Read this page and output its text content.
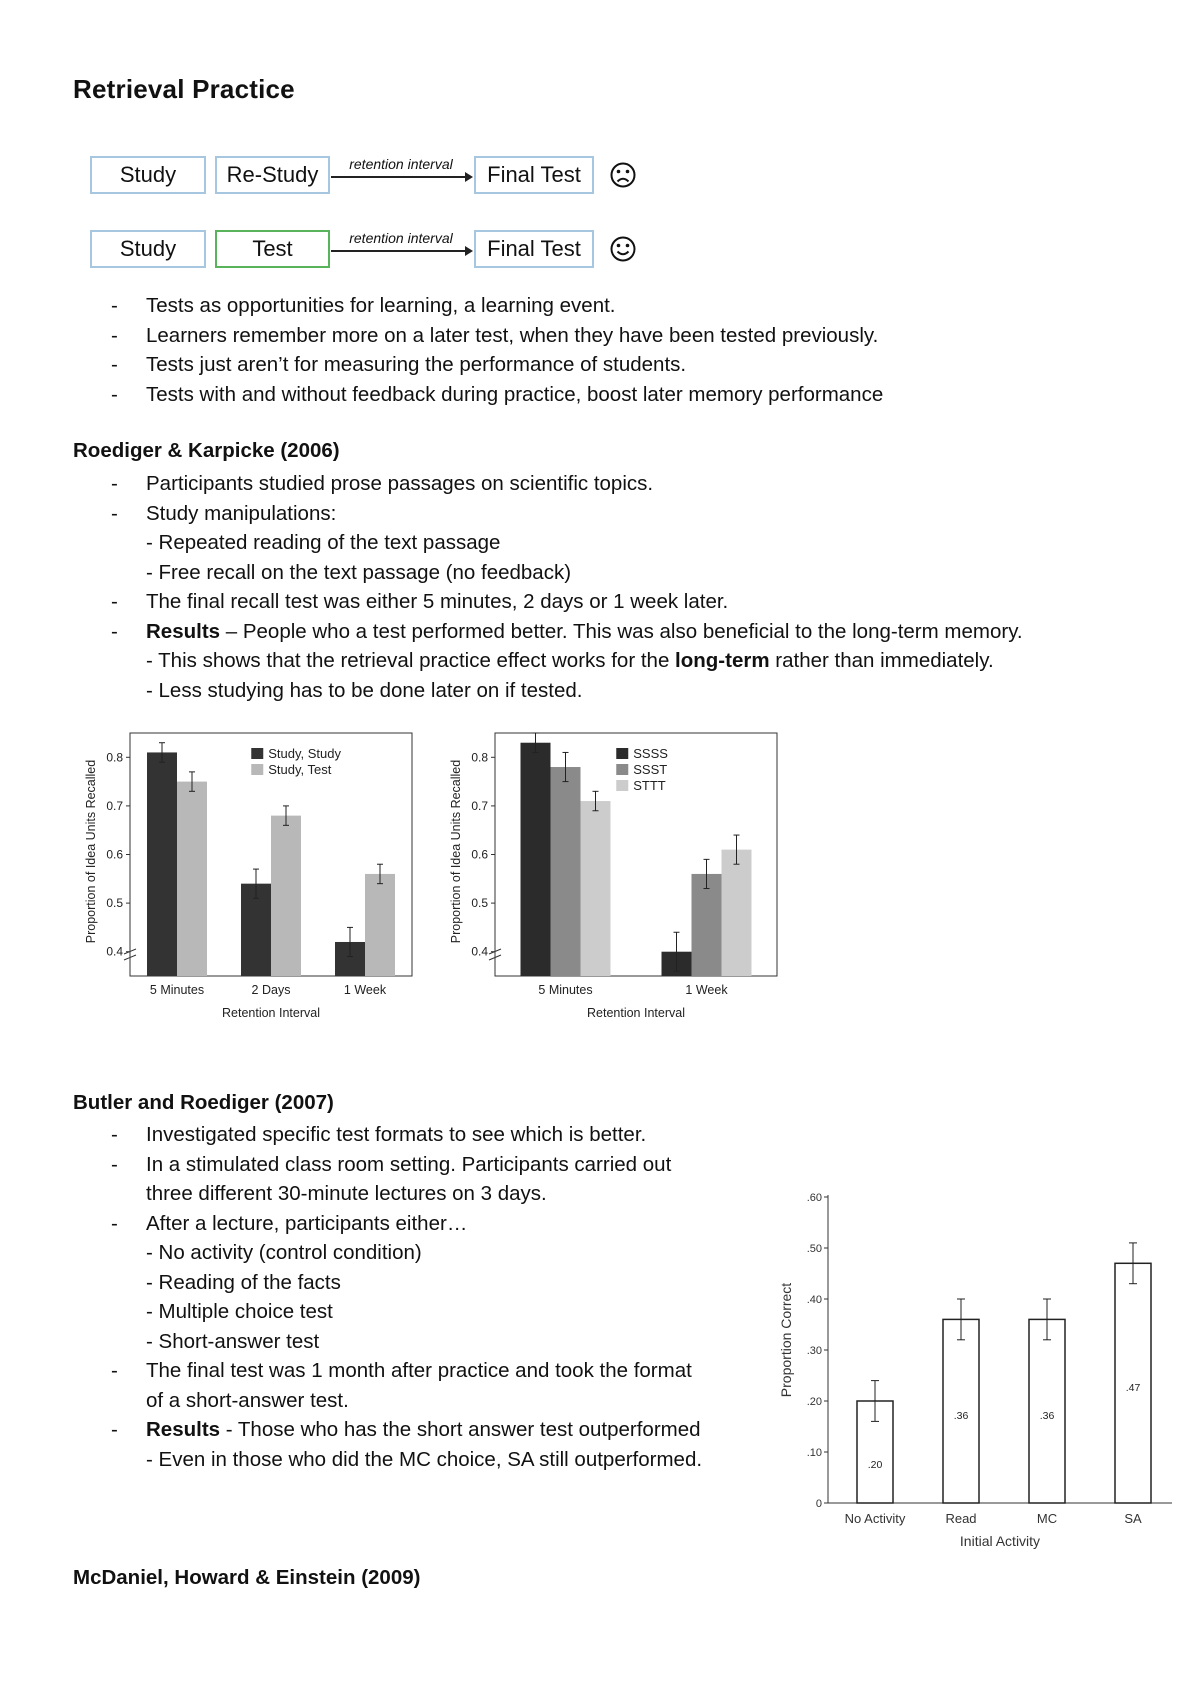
Retrieval Practice
Study	Re-Study	retention interval	Final Test
Study	Test	retention interval	Final Test
- Tests as opportunities for learning, a learning event.
- Learners remember more on a later test, when they have been tested previously.
- Tests just aren’t for measuring the performance of students.
- Tests with and without feedback during practice, boost later memory performance
Roediger & Karpicke (2006)
- Participants studied prose passages on scientific topics.
- Study manipulations:
- Repeated reading of the text passage
- Free recall on the text passage (no feedback)
- The final recall test was either 5 minutes, 2 days or 1 week later.
- Results – People who a test performed better. This was also beneficial to the long-term memory.
- This shows that the retrieval practice effect works for the long-term rather than immediately.
- Less studying has to be done later on if tested.
0.4
0.5
0.6
0.7
0.8
5 Minutes	2 Days	1 Week
Retention Interval
Proportion of Idea Units Recalled
Study, Study
Study, Test
0.4
0.5
0.6
0.7
0.8
5 Minutes	1 Week
Retention Interval
Proportion of Idea Units Recalled
SSSS
SSST
STTT
Butler and Roediger (2007)
- Investigated specific test formats to see which is better.
- In a stimulated class room setting. Participants carried out
three different 30-minute lectures on 3 days.
- After a lecture, participants either…
- No activity (control condition)
- Reading of the facts
- Multiple choice test
- Short-answer test
- The final test was 1 month after practice and took the format
of a short-answer test.
- Results - Those who has the short answer test outperformed
- Even in those who did the MC choice, SA still outperformed.
0
.10
.20
.30
.40
.50
.60
.20
No Activity
.36
Read
.36
MC
.47
SA
Initial Activity
Proportion Correct
McDaniel, Howard & Einstein (2009)
